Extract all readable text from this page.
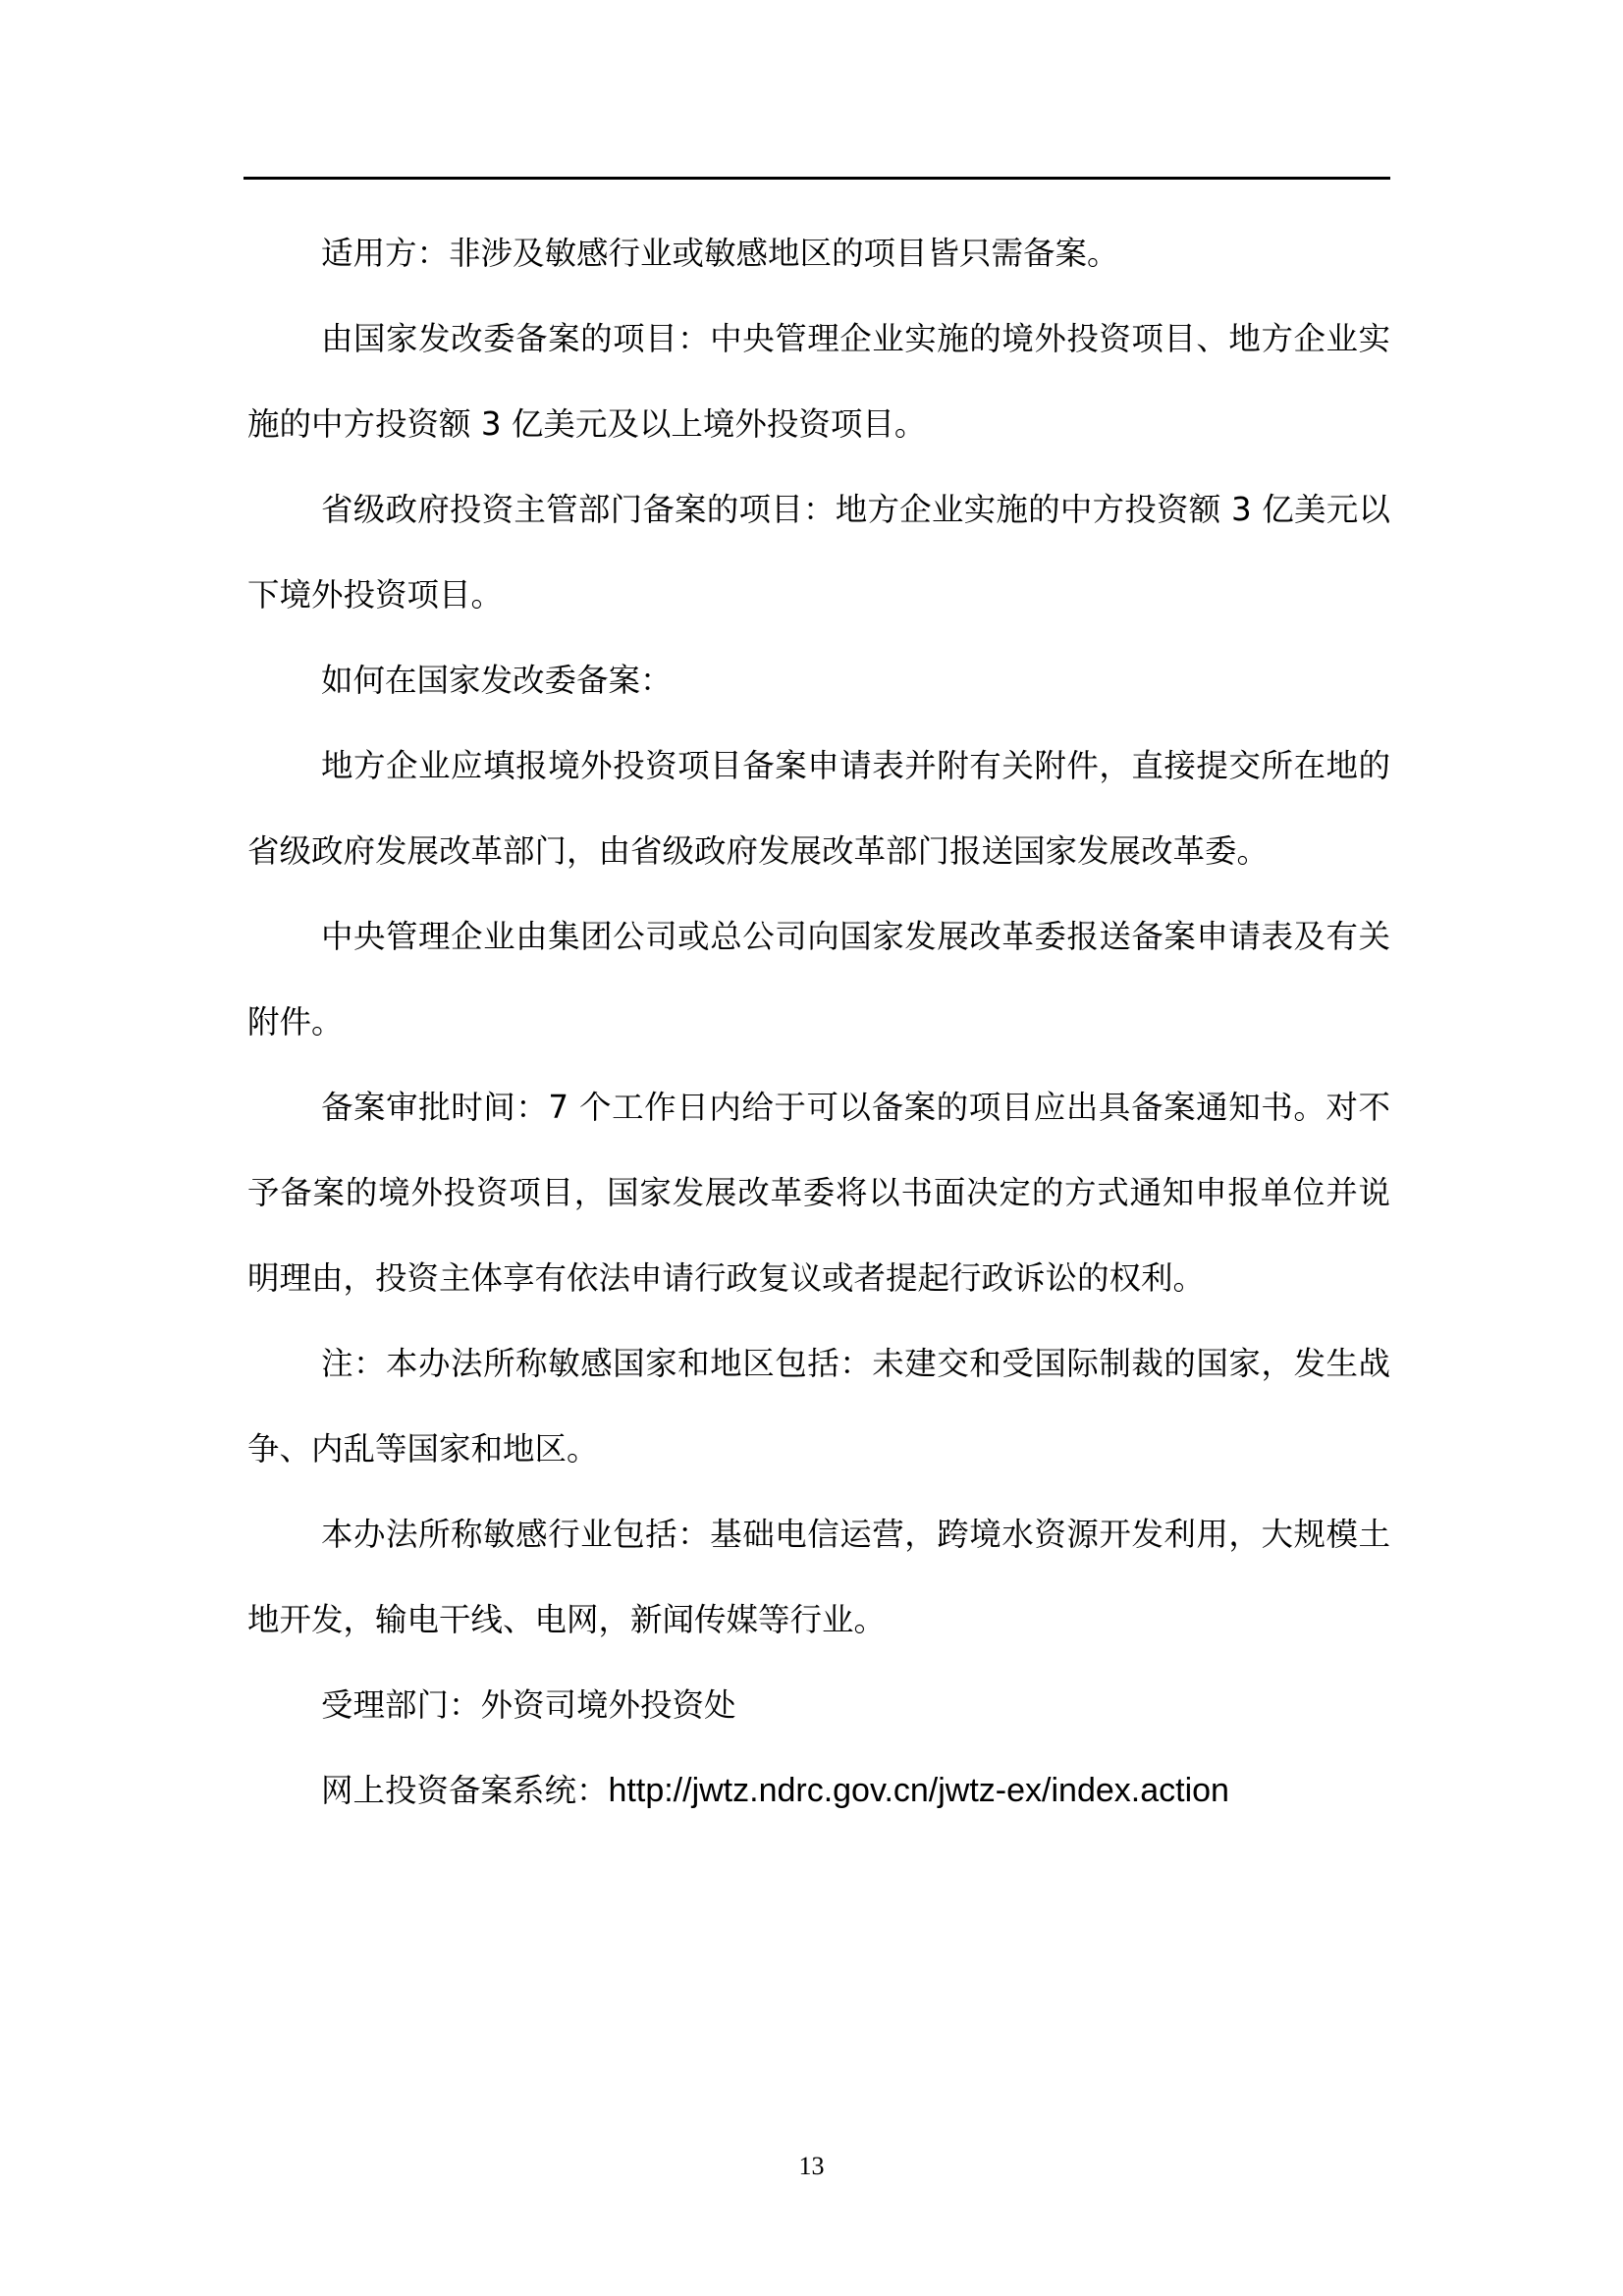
适用方：非涉及敏感行业或敏感地区的项目皆只需备案。

由国家发改委备案的项目：中央管理企业实施的境外投资项目、地方企业实施的中方投资额 3 亿美元及以上境外投资项目。

省级政府投资主管部门备案的项目：地方企业实施的中方投资额 3 亿美元以下境外投资项目。

如何在国家发改委备案：

地方企业应填报境外投资项目备案申请表并附有关附件，直接提交所在地的省级政府发展改革部门，由省级政府发展改革部门报送国家发展改革委。

中央管理企业由集团公司或总公司向国家发展改革委报送备案申请表及有关附件。

备案审批时间：7 个工作日内给于可以备案的项目应出具备案通知书。对不予备案的境外投资项目，国家发展改革委将以书面决定的方式通知申报单位并说明理由，投资主体享有依法申请行政复议或者提起行政诉讼的权利。

注：本办法所称敏感国家和地区包括：未建交和受国际制裁的国家，发生战争、内乱等国家和地区。

本办法所称敏感行业包括：基础电信运营，跨境水资源开发利用，大规模土地开发，输电干线、电网，新闻传媒等行业。

受理部门：外资司境外投资处

网上投资备案系统：http://jwtz.ndrc.gov.cn/jwtz-ex/index.action

13
